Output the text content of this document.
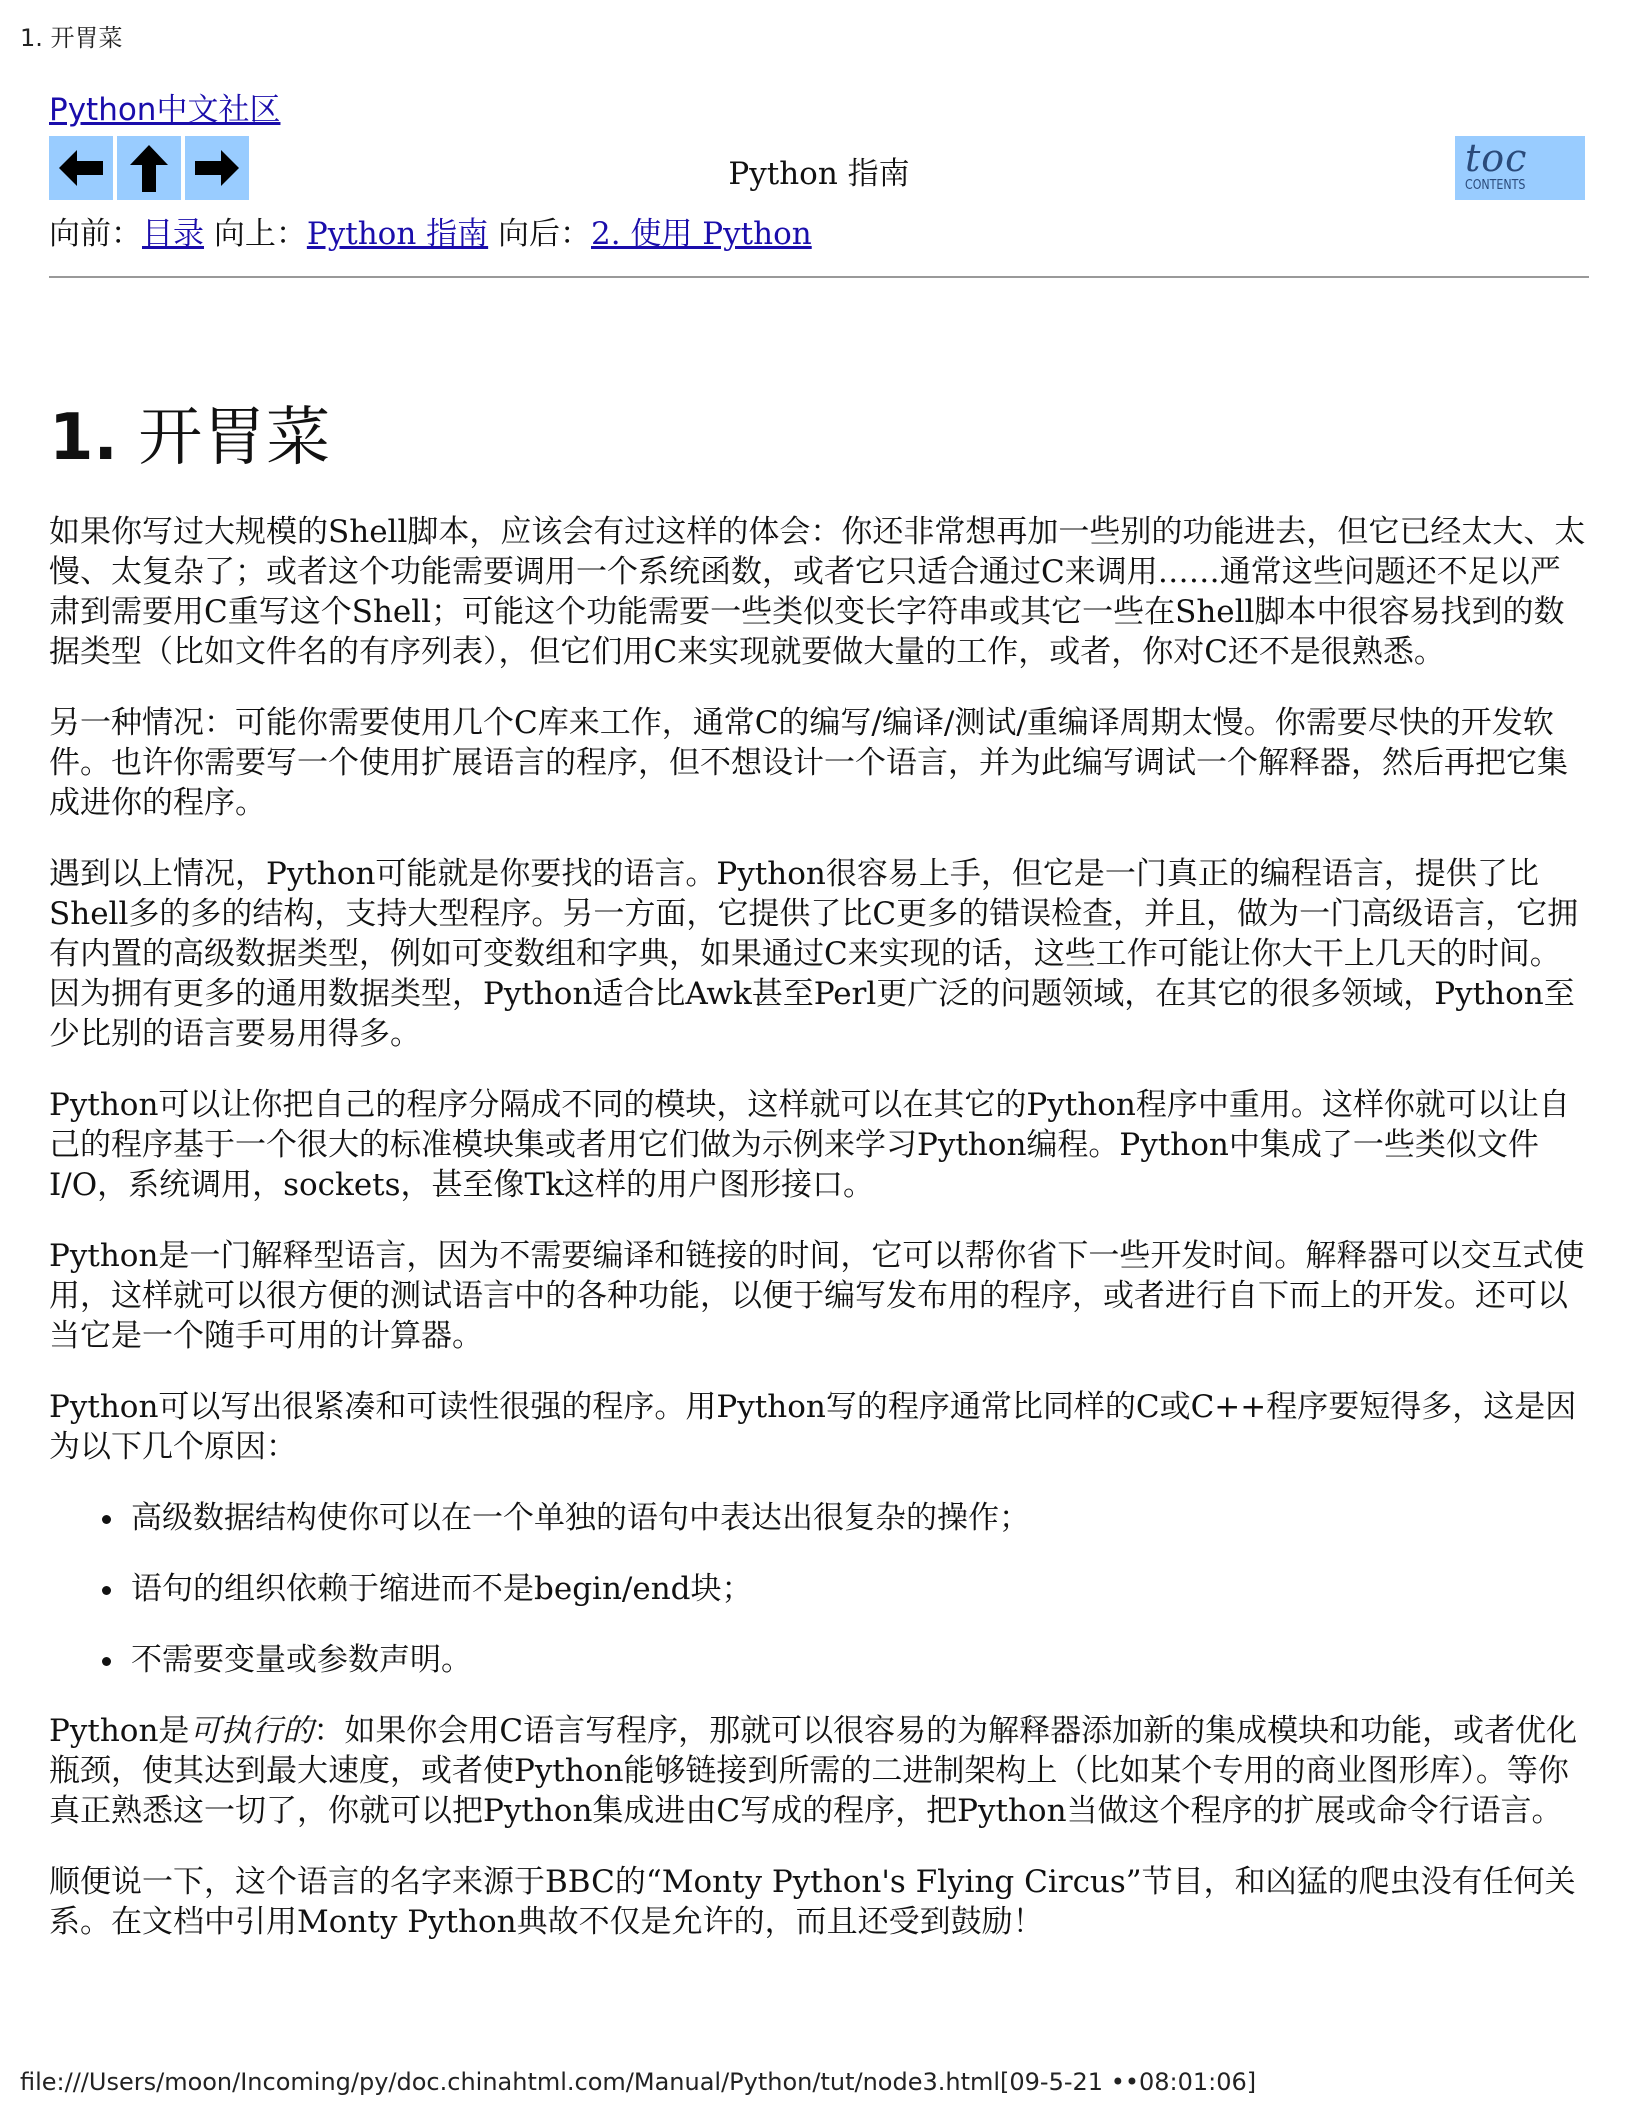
1. 开胃菜
Python中文社区
Python 指南	toc
CONTENTS
向前：目录 向上：Python 指南 向后：2. 使用 Python
1. 开胃菜

如果你写过大规模的Shell脚本，应该会有过这样的体会：你还非常想再加一些别的功能进去，但它已经太大、太慢、太复杂了；或者这个功能需要调用一个系统函数，或者它只适合通过C来调用……通常这些问题还不足以严肃到需要用C重写这个Shell；可能这个功能需要一些类似变长字符串或其它一些在Shell脚本中很容易找到的数据类型（比如文件名的有序列表），但它们用C来实现就要做大量的工作，或者，你对C还不是很熟悉。

另一种情况：可能你需要使用几个C库来工作，通常C的编写/编译/测试/重编译周期太慢。你需要尽快的开发软件。也许你需要写一个使用扩展语言的程序，但不想设计一个语言，并为此编写调试一个解释器，然后再把它集成进你的程序。

遇到以上情况，Python可能就是你要找的语言。Python很容易上手，但它是一门真正的编程语言，提供了比Shell多的多的结构，支持大型程序。另一方面，它提供了比C更多的错误检查，并且，做为一门高级语言，它拥有内置的高级数据类型，例如可变数组和字典，如果通过C来实现的话，这些工作可能让你大干上几天的时间。因为拥有更多的通用数据类型，Python适合比Awk甚至Perl更广泛的问题领域，在其它的很多领域，Python至少比别的语言要易用得多。

Python可以让你把自己的程序分隔成不同的模块，这样就可以在其它的Python程序中重用。这样你就可以让自己的程序基于一个很大的标准模块集或者用它们做为示例来学习Python编程。Python中集成了一些类似文件I/O，系统调用，sockets，甚至像Tk这样的用户图形接口。

Python是一门解释型语言，因为不需要编译和链接的时间，它可以帮你省下一些开发时间。解释器可以交互式使用，这样就可以很方便的测试语言中的各种功能，以便于编写发布用的程序，或者进行自下而上的开发。还可以当它是一个随手可用的计算器。

Python可以写出很紧凑和可读性很强的程序。用Python写的程序通常比同样的C或C++程序要短得多，这是因为以下几个原因：

• 高级数据结构使你可以在一个单独的语句中表达出很复杂的操作；
• 语句的组织依赖于缩进而不是begin/end块；
• 不需要变量或参数声明。

Python是可执行的：如果你会用C语言写程序，那就可以很容易的为解释器添加新的集成模块和功能，或者优化瓶颈，使其达到最大速度，或者使Python能够链接到所需的二进制架构上（比如某个专用的商业图形库）。等你真正熟悉这一切了，你就可以把Python集成进由C写成的程序，把Python当做这个程序的扩展或命令行语言。

顺便说一下，这个语言的名字来源于BBC的“Monty Python's Flying Circus”节目，和凶猛的爬虫没有任何关系。在文档中引用Monty Python典故不仅是允许的，而且还受到鼓励！

file:///Users/moon/Incoming/py/doc.chinahtml.com/Manual/Python/tut/node3.html[09-5-21 ••08:01:06]
